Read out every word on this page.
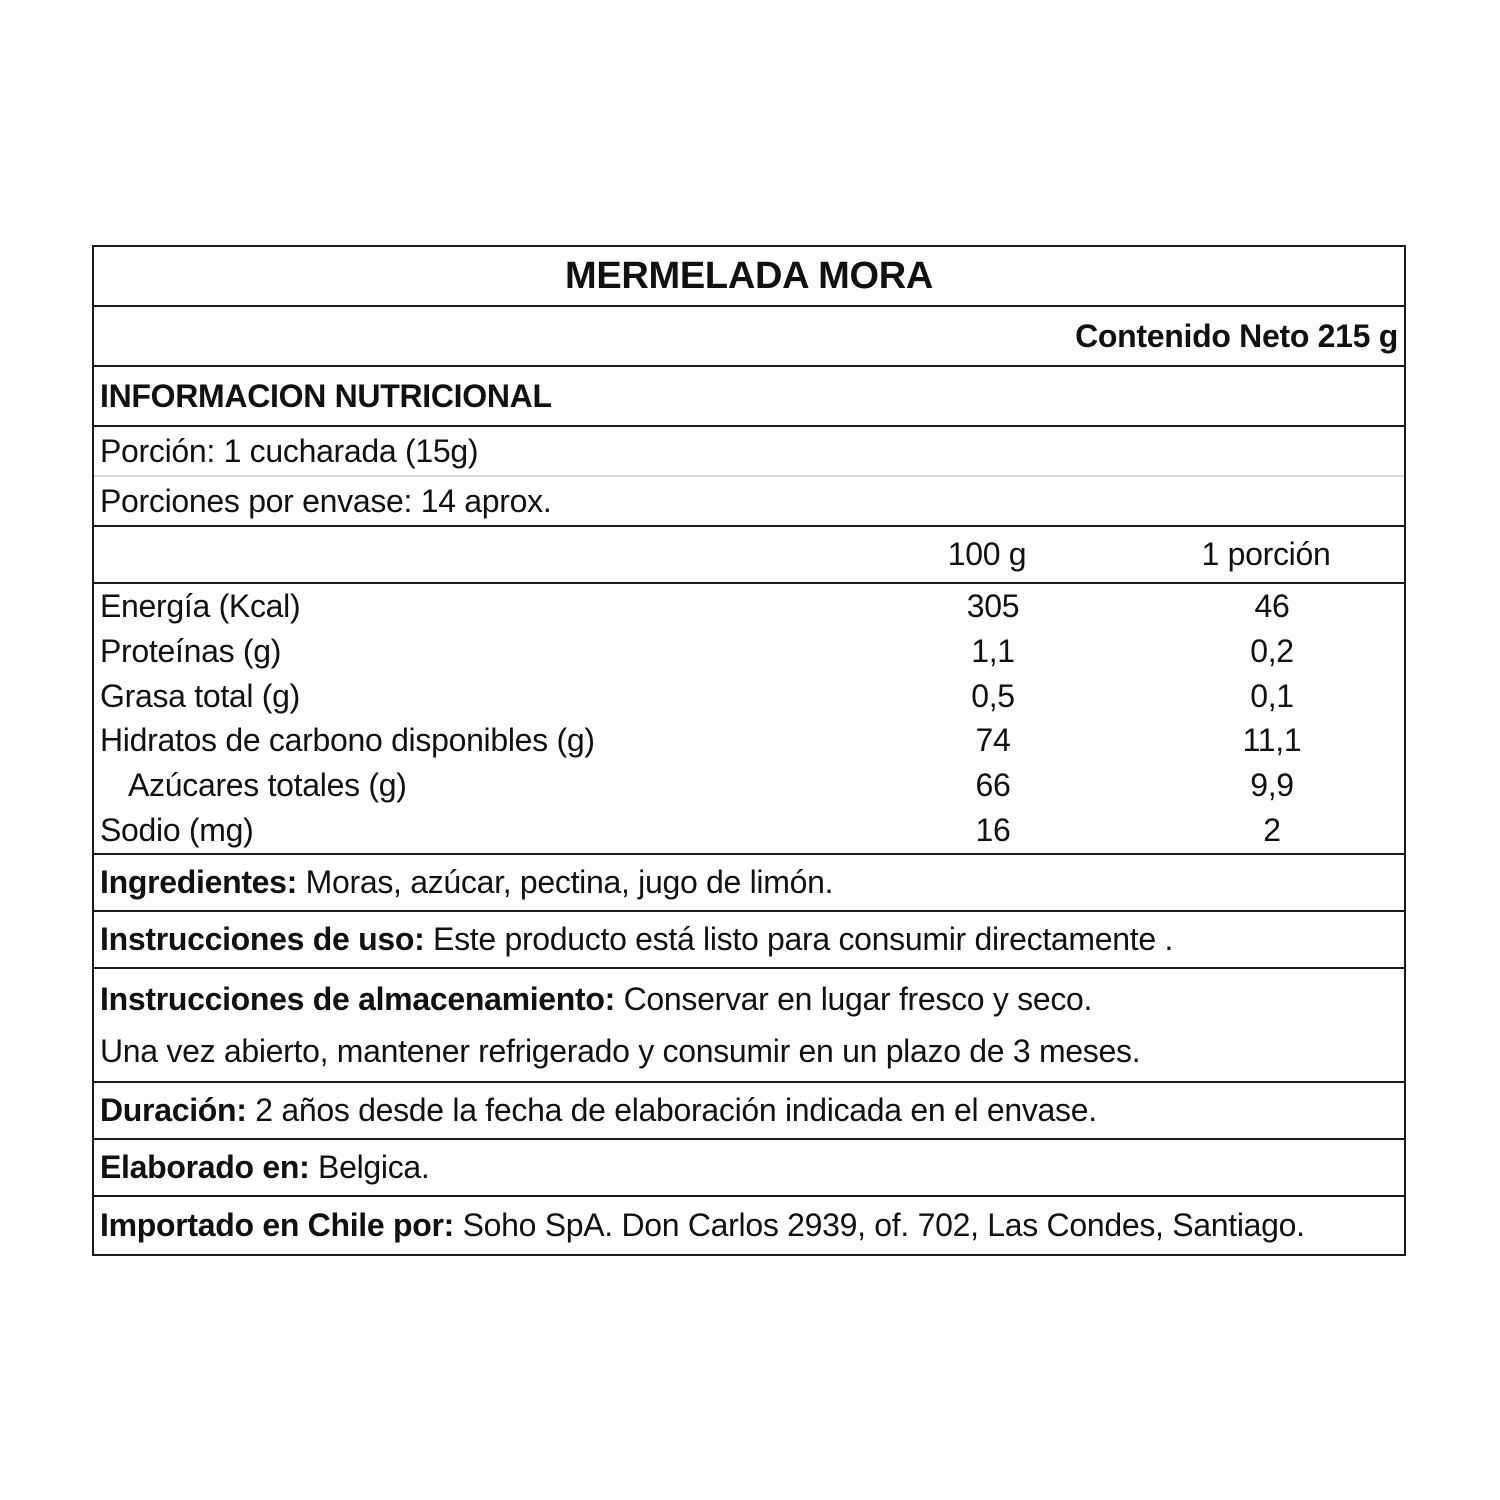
MERMELADA MORA
Contenido Neto 215 g
INFORMACION NUTRICIONAL
Porción: 1 cucharada (15g)
Porciones por envase: 14 aprox.
100 g	1 porción
Energía (Kcal)	305	46
Proteínas (g)	1,1	0,2
Grasa total (g)	0,5	0,1
Hidratos de carbono disponibles (g)	74	11,1
Azúcares totales (g)	66	9,9
Sodio (mg)	16	2
Ingredientes: Moras, azúcar, pectina, jugo de limón.
Instrucciones de uso: Este producto está listo para consumir directamente .
Instrucciones de almacenamiento: Conservar en lugar fresco y seco.
Una vez abierto, mantener refrigerado y consumir en un plazo de 3 meses.
Duración: 2 años desde la fecha de elaboración indicada en el envase.
Elaborado en: Belgica.
Importado en Chile por: Soho SpA. Don Carlos 2939, of. 702, Las Condes, Santiago.
